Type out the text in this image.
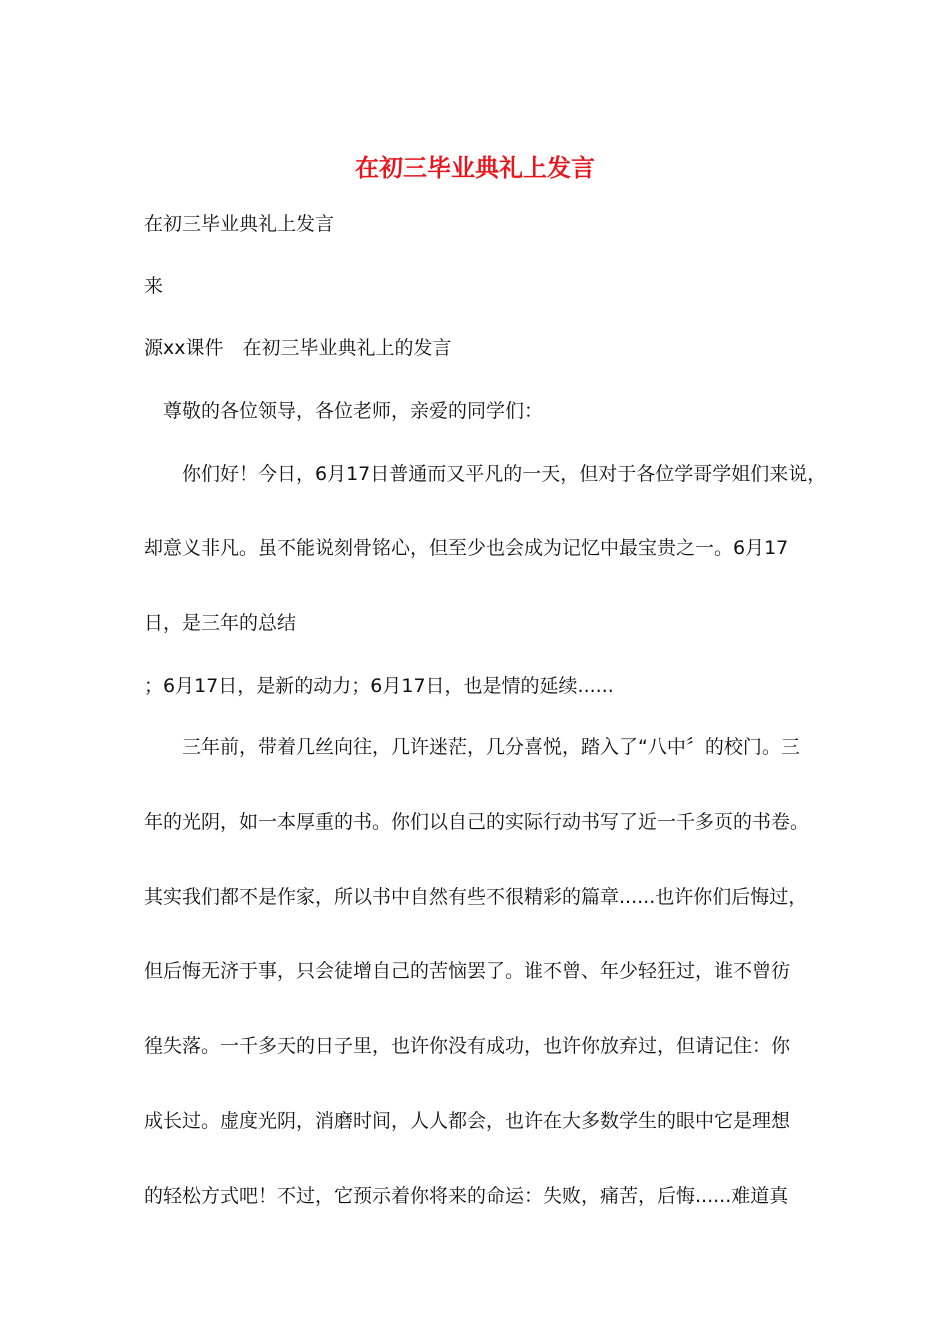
在初三毕业典礼上发言

在初三毕业典礼上发言

来

源xx课件　在初三毕业典礼上的发言

　尊敬的各位领导，各位老师，亲爱的同学们：

　　你们好！今日，6月17日普通而又平凡的一天，但对于各位学哥学姐们来说，

却意义非凡。虽不能说刻骨铭心，但至少也会成为记忆中最宝贵之一。6月17

日，是三年的总结

；6月17日，是新的动力；6月17日，也是情的延续......

　　三年前，带着几丝向往，几许迷茫，几分喜悦，踏入了“八中〞的校门。三

年的光阴，如一本厚重的书。你们以自己的实际行动书写了近一千多页的书卷。

其实我们都不是作家，所以书中自然有些不很精彩的篇章......也许你们后悔过，

但后悔无济于事，只会徒增自己的苦恼罢了。谁不曾、年少轻狂过，谁不曾彷

徨失落。一千多天的日子里，也许你没有成功，也许你放弃过，但请记住：你

成长过。虚度光阴，消磨时间，人人都会，也许在大多数学生的眼中它是理想

的轻松方式吧！不过，它预示着你将来的命运：失败，痛苦，后悔......难道真
